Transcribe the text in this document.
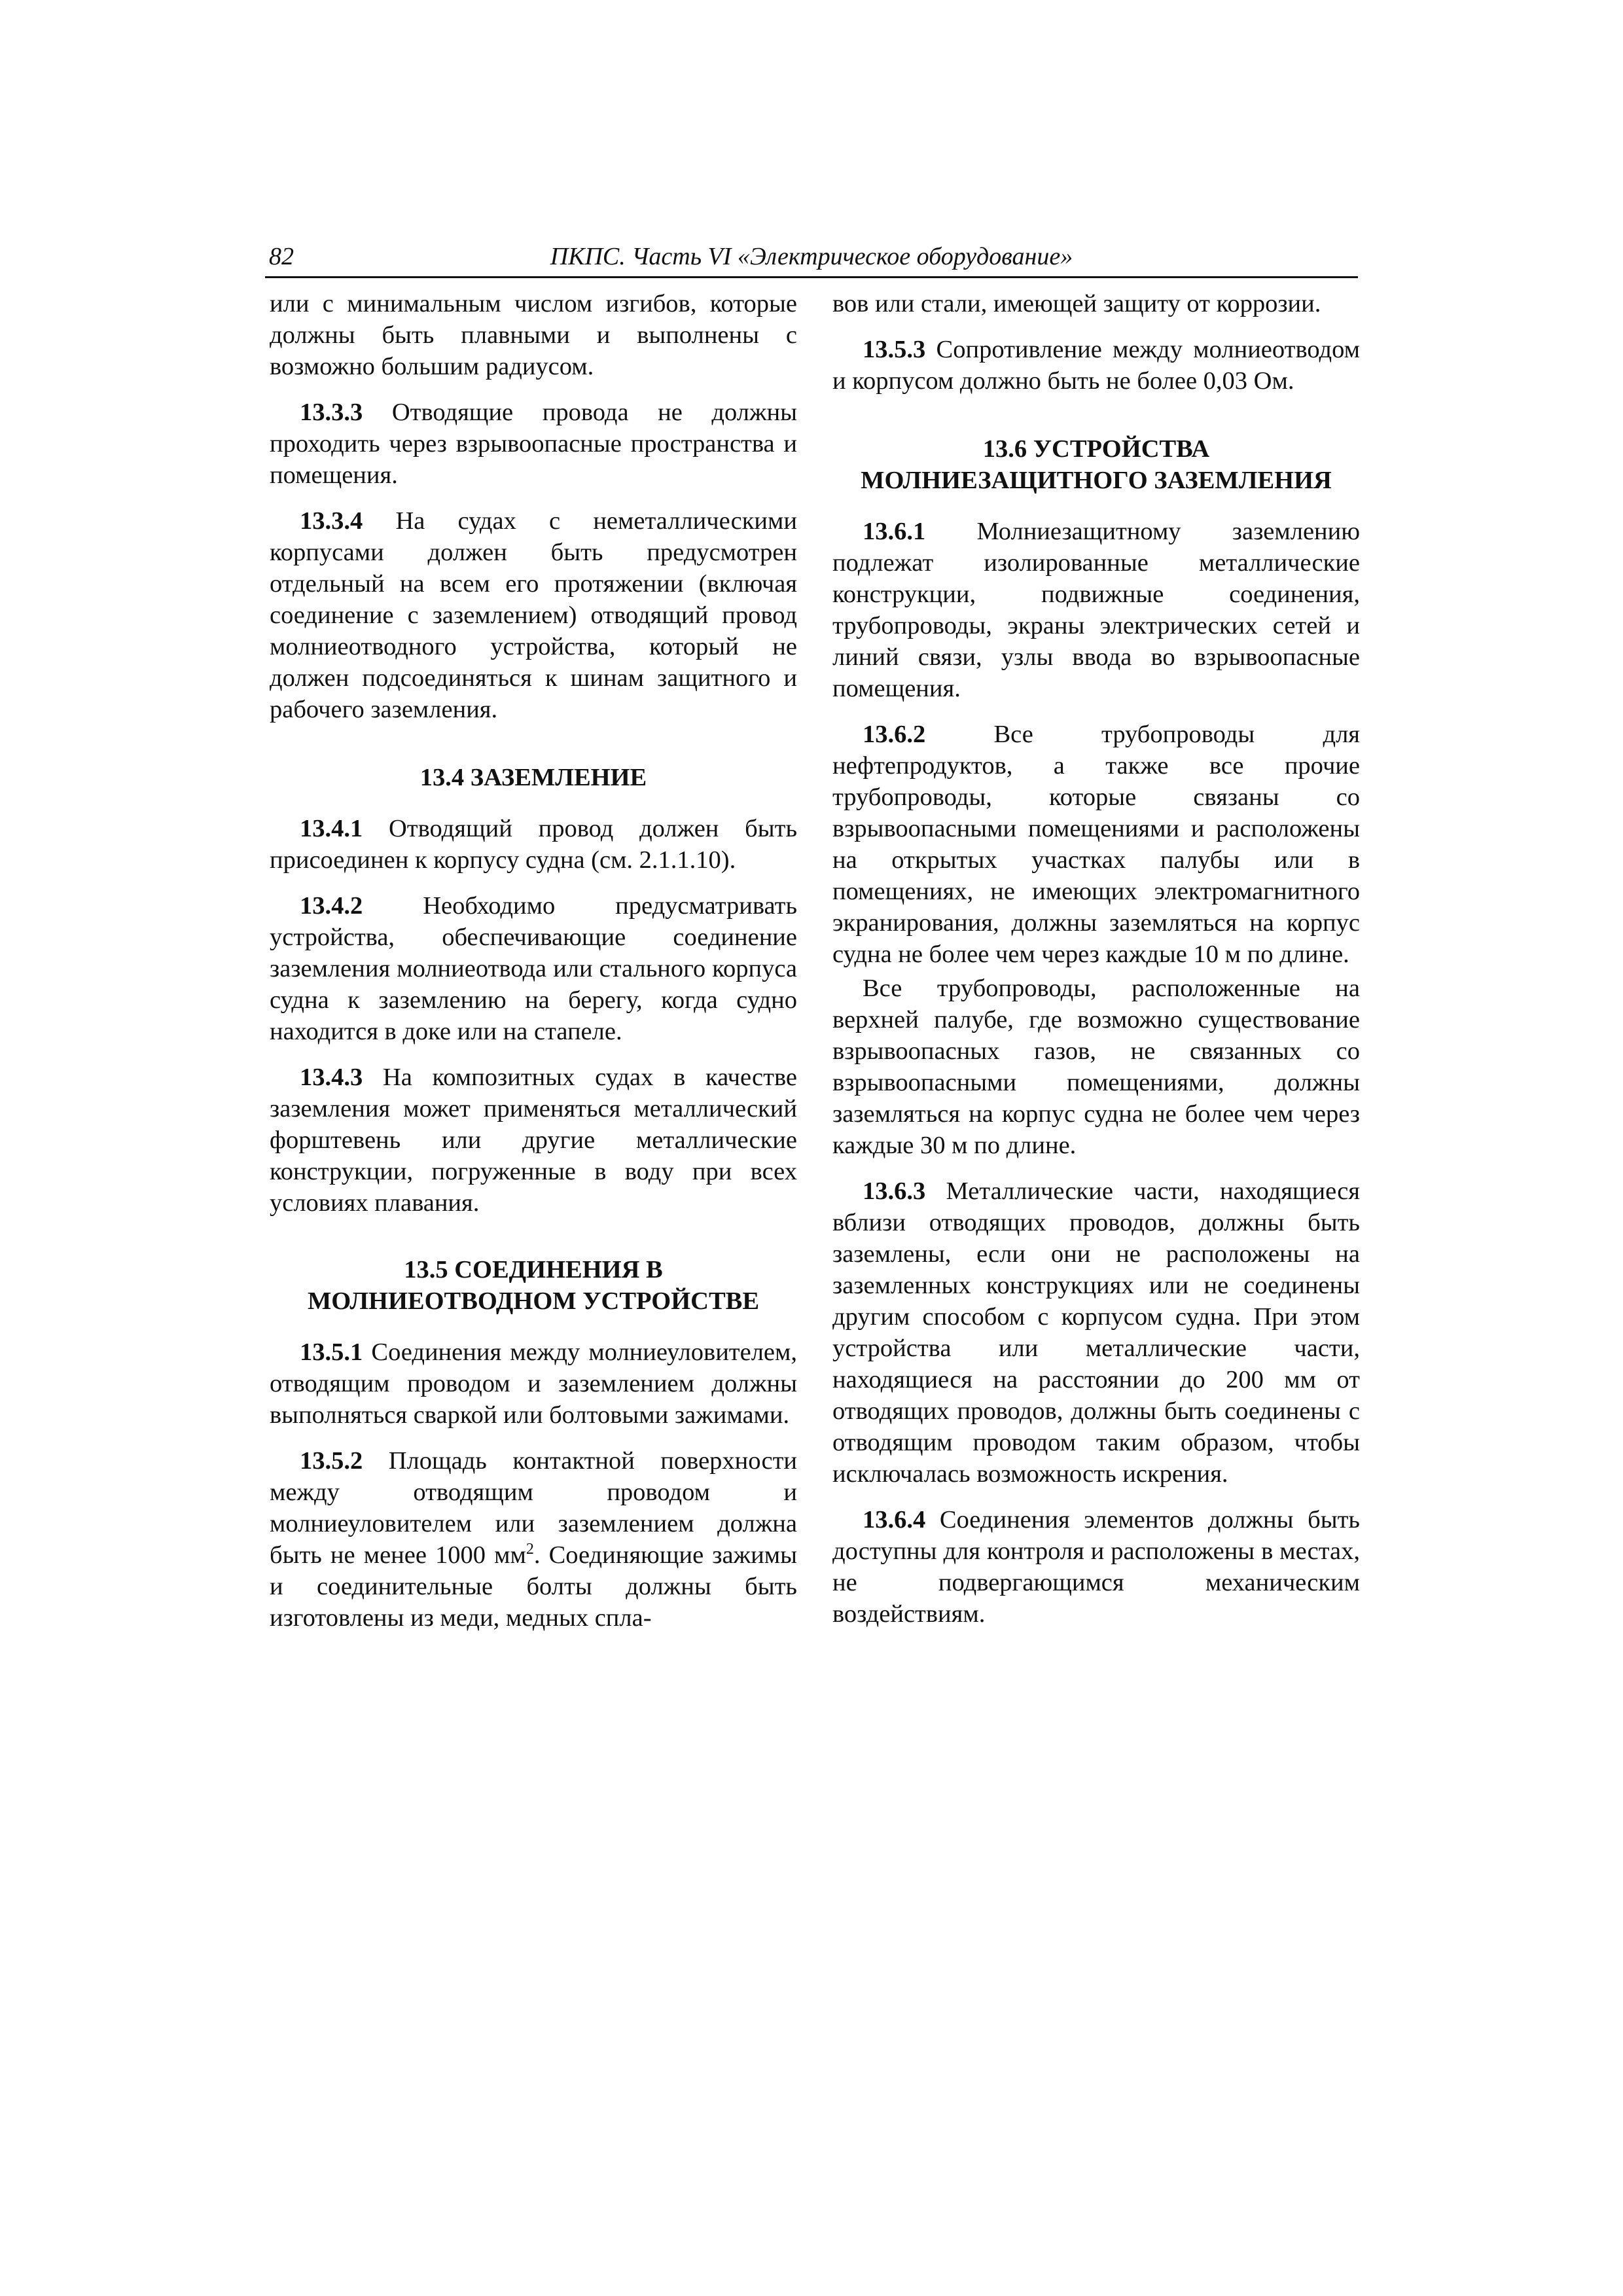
82	ПКПС. Часть VI «Электрическое оборудование»

или с минимальным числом изгибов, которые должны быть плавными и выполнены с возможно большим радиусом.

13.3.3 Отводящие провода не должны проходить через взрывоопасные пространства и помещения.

13.3.4 На судах с неметаллическими корпусами должен быть предусмотрен отдельный на всем его протяжении (включая соединение с заземлением) отводящий провод молниеотводного устройства, который не должен подсоединяться к шинам защитного и рабочего заземления.

13.4 ЗАЗЕМЛЕНИЕ

13.4.1 Отводящий провод должен быть присоединен к корпусу судна (см. 2.1.1.10).

13.4.2 Необходимо предусматривать устройства, обеспечивающие соединение заземления молниеотвода или стального корпуса судна к заземлению на берегу, когда судно находится в доке или на стапеле.

13.4.3 На композитных судах в качестве заземления может применяться металлический форштевень или другие металлические конструкции, погруженные в воду при всех условиях плавания.

13.5 СОЕДИНЕНИЯ В
МОЛНИЕОТВОДНОМ УСТРОЙСТВЕ

13.5.1 Соединения между молниеуловителем, отводящим проводом и заземлением должны выполняться сваркой или болтовыми зажимами.

13.5.2 Площадь контактной поверхности между отводящим проводом и молниеуловителем или заземлением должна быть не менее 1000 $мм^2$. Соединяющие зажимы и соединительные болты должны быть изготовлены из меди, медных спла-

вов или стали, имеющей защиту от коррозии.

13.5.3 Сопротивление между молниеотводом и корпусом должно быть не более 0,03 Ом.

13.6 УСТРОЙСТВА
МОЛНИЕЗАЩИТНОГО ЗАЗЕМЛЕНИЯ

13.6.1 Молниезащитному заземлению подлежат изолированные металлические конструкции, подвижные соединения, трубопроводы, экраны электрических сетей и линий связи, узлы ввода во взрывоопасные помещения.

13.6.2 Все трубопроводы для нефтепродуктов, а также все прочие трубопроводы, которые связаны со взрывоопасными помещениями и расположены на открытых участках палубы или в помещениях, не имеющих электромагнитного экранирования, должны заземляться на корпус судна не более чем через каждые 10 м по длине.

Все трубопроводы, расположенные на верхней палубе, где возможно существование взрывоопасных газов, не связанных со взрывоопасными помещениями, должны заземляться на корпус судна не более чем через каждые 30 м по длине.

13.6.3 Металлические части, находящиеся вблизи отводящих проводов, должны быть заземлены, если они не расположены на заземленных конструкциях или не соединены другим способом с корпусом судна. При этом устройства или металлические части, находящиеся на расстоянии до 200 мм от отводящих проводов, должны быть соединены с отводящим проводом таким образом, чтобы исключалась возможность искрения.

13.6.4 Соединения элементов должны быть доступны для контроля и расположены в местах, не подвергающимся механическим воздействиям.
